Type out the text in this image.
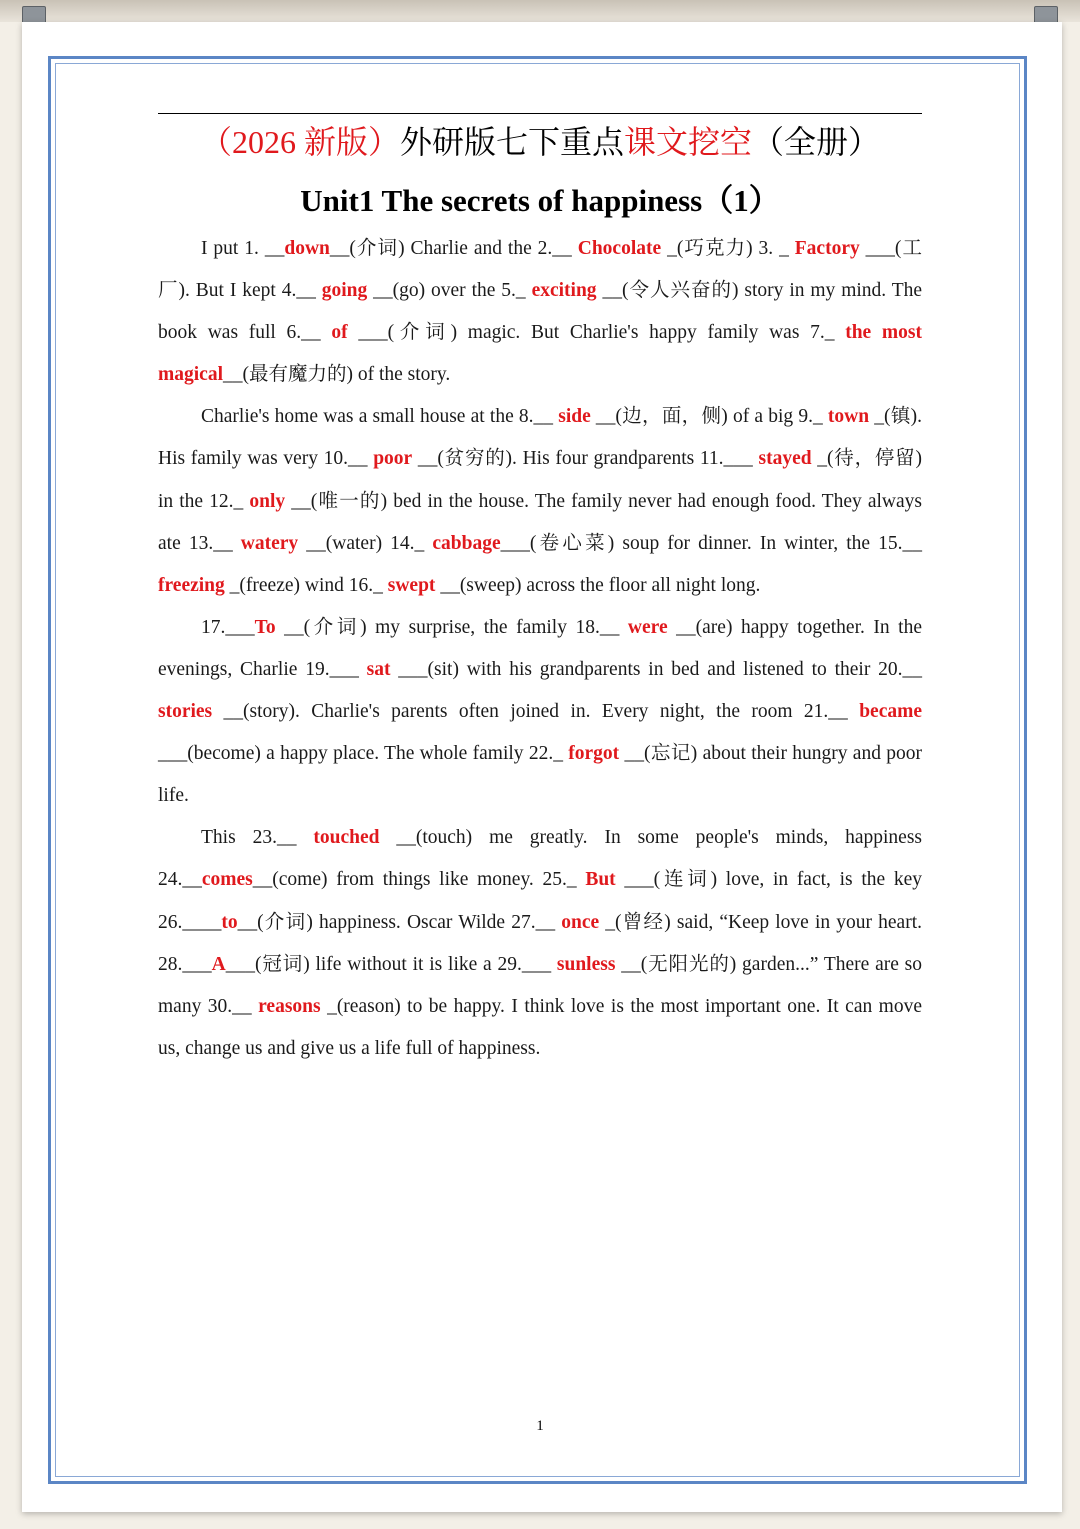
（2026 新版）外研版七下重点课文挖空（全册）
Unit1 The secrets of happiness（1）

I put 1. __down__(介词) Charlie and the 2.__ Chocolate _(巧克力) 3. _ Factory ___(工厂). But I kept 4.__ going __(go) over the 5._ exciting __(令人兴奋的) story in my mind. The book was full 6.__ of ___(介词) magic. But Charlie's happy family was 7._ the most magical__(最有魔力的) of the story.

Charlie's home was a small house at the 8.__ side __(边，面，侧) of a big 9._ town _(镇). His family was very 10.__ poor __(贫穷的). His four grandparents 11.___ stayed _(待，停留) in the 12._ only __(唯一的) bed in the house. The family never had enough food. They always ate 13.__ watery __(water) 14._ cabbage___(卷心菜) soup for dinner. In winter, the 15.__ freezing _(freeze) wind 16._ swept __(sweep) across the floor all night long.

17.___To __(介词) my surprise, the family 18.__ were __(are) happy together. In the evenings, Charlie 19.___ sat ___(sit) with his grandparents in bed and listened to their 20.__ stories __(story). Charlie's parents often joined in. Every night, the room 21.__ became ___(become) a happy place. The whole family 22._ forgot __(忘记) about their hungry and poor life.

This 23.__ touched __(touch) me greatly. In some people's minds, happiness 24.__comes__(come) from things like money. 25._ But ___(连词) love, in fact, is the key 26.____to__(介词) happiness. Oscar Wilde 27.__ once _(曾经) said, “Keep love in your heart. 28.___A___(冠词) life without it is like a 29.___ sunless __(无阳光的) garden...” There are so many 30.__ reasons _(reason) to be happy. I think love is the most important one. It can move us, change us and give us a life full of happiness.

1
